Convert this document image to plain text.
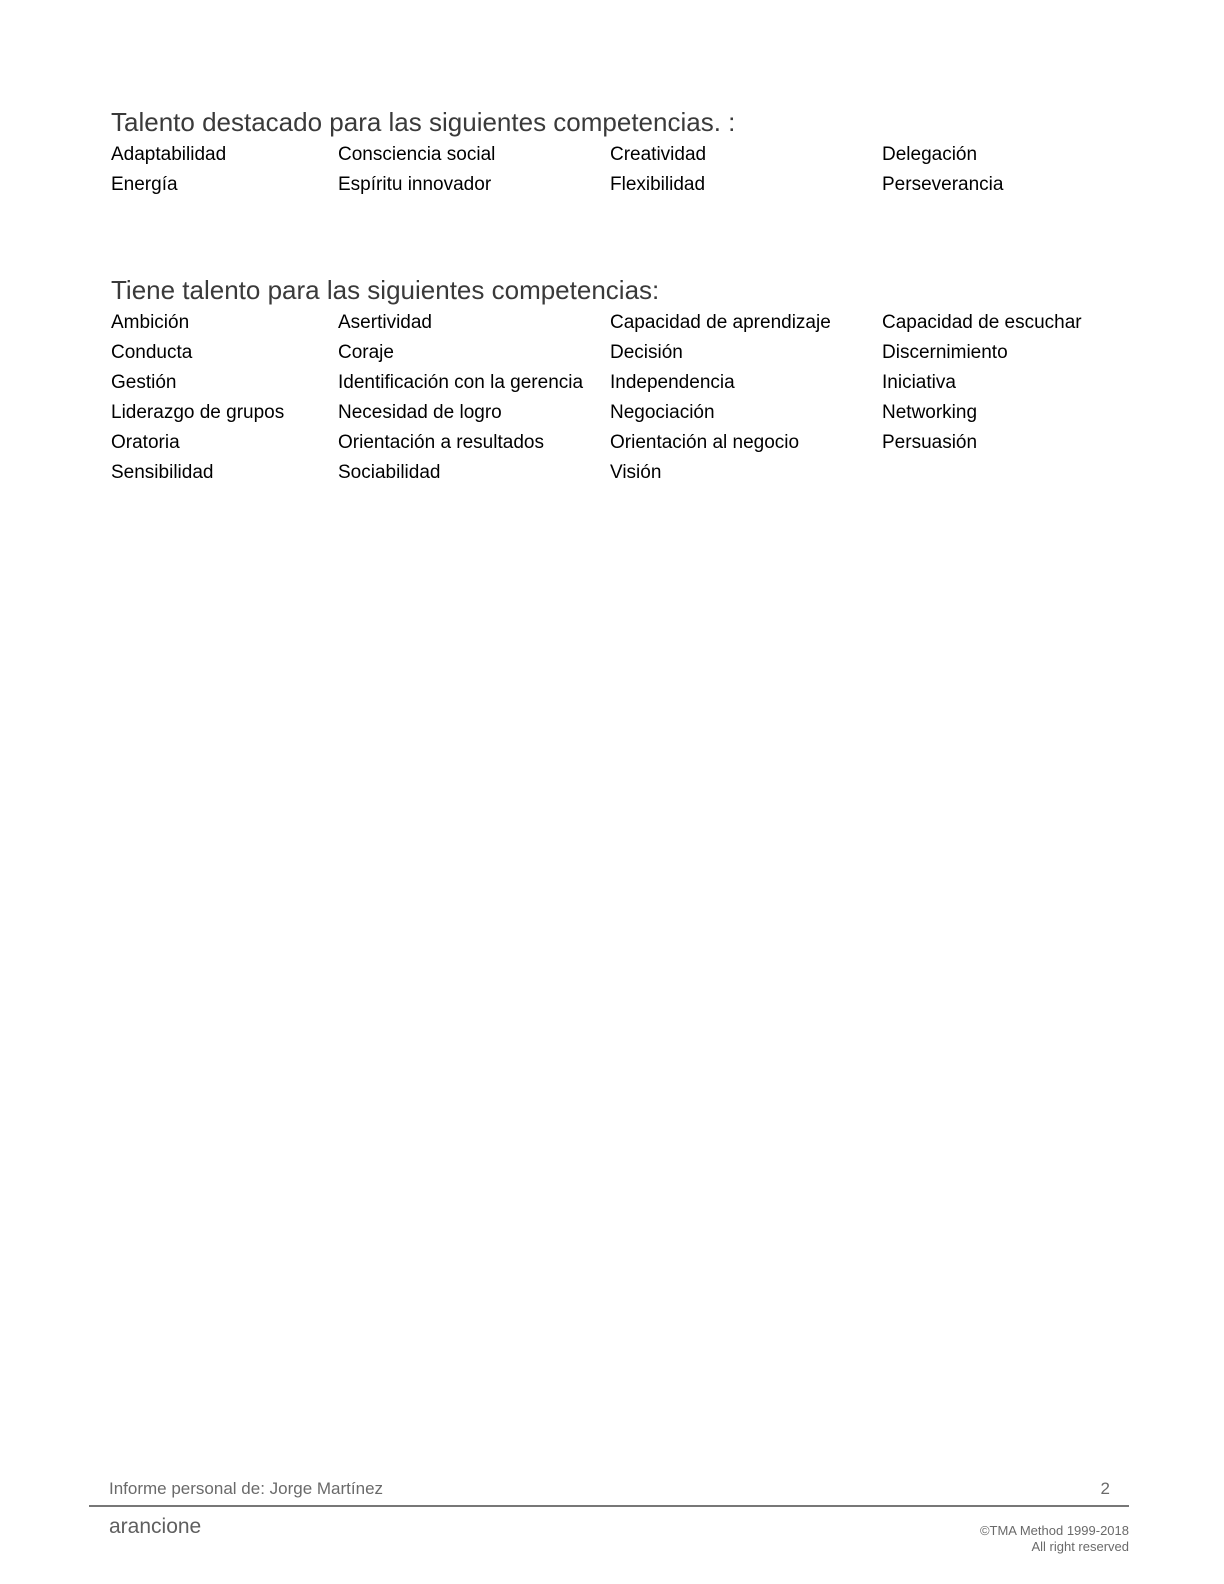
Talento destacado para las siguientes competencias. :
Adaptabilidad	Consciencia social	Creatividad	Delegación
Energía	Espíritu innovador	Flexibilidad	Perseverancia
Tiene talento para las siguientes competencias:
Ambición	Asertividad	Capacidad de aprendizaje	Capacidad de escuchar
Conducta	Coraje	Decisión	Discernimiento
Gestión	Identificación con la gerencia	Independencia	Iniciativa
Liderazgo de grupos	Necesidad de logro	Negociación	Networking
Oratoria	Orientación a resultados	Orientación al negocio	Persuasión
Sensibilidad	Sociabilidad	Visión
Informe personal de: Jorge Martínez	2
arancione	©TMA Method 1999-2018
All right reserved
